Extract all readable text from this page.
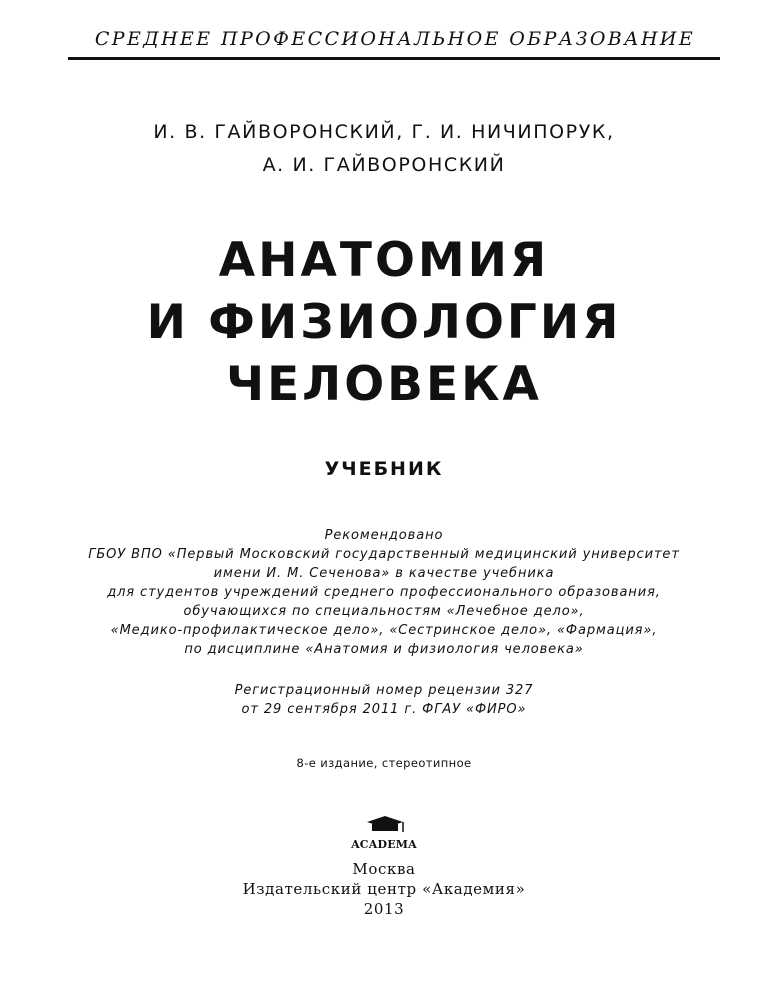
СРЕДНЕЕ ПРОФЕССИОНАЛЬНОЕ ОБРАЗОВАНИЕ
И. В. ГАЙВОРОНСКИЙ, Г. И. НИЧИПОРУК,
А. И. ГАЙВОРОНСКИЙ
АНАТОМИЯ
И ФИЗИОЛОГИЯ
ЧЕЛОВЕКА
УЧЕБНИК
Рекомендовано
ГБОУ ВПО «Первый Московский государственный медицинский университет
имени И. М. Сеченова» в качестве учебника
для студентов учреждений среднего профессионального образования,
обучающихся по специальностям «Лечебное дело»,
«Медико-профилактическое дело», «Сестринское дело», «Фармация»,
по дисциплине «Анатомия и физиология человека»
Регистрационный номер рецензии 327
от 29 сентября 2011 г. ФГАУ «ФИРО»
8-е издание, стереотипное
ACADEMA
Москва
Издательский центр «Академия»
2013
